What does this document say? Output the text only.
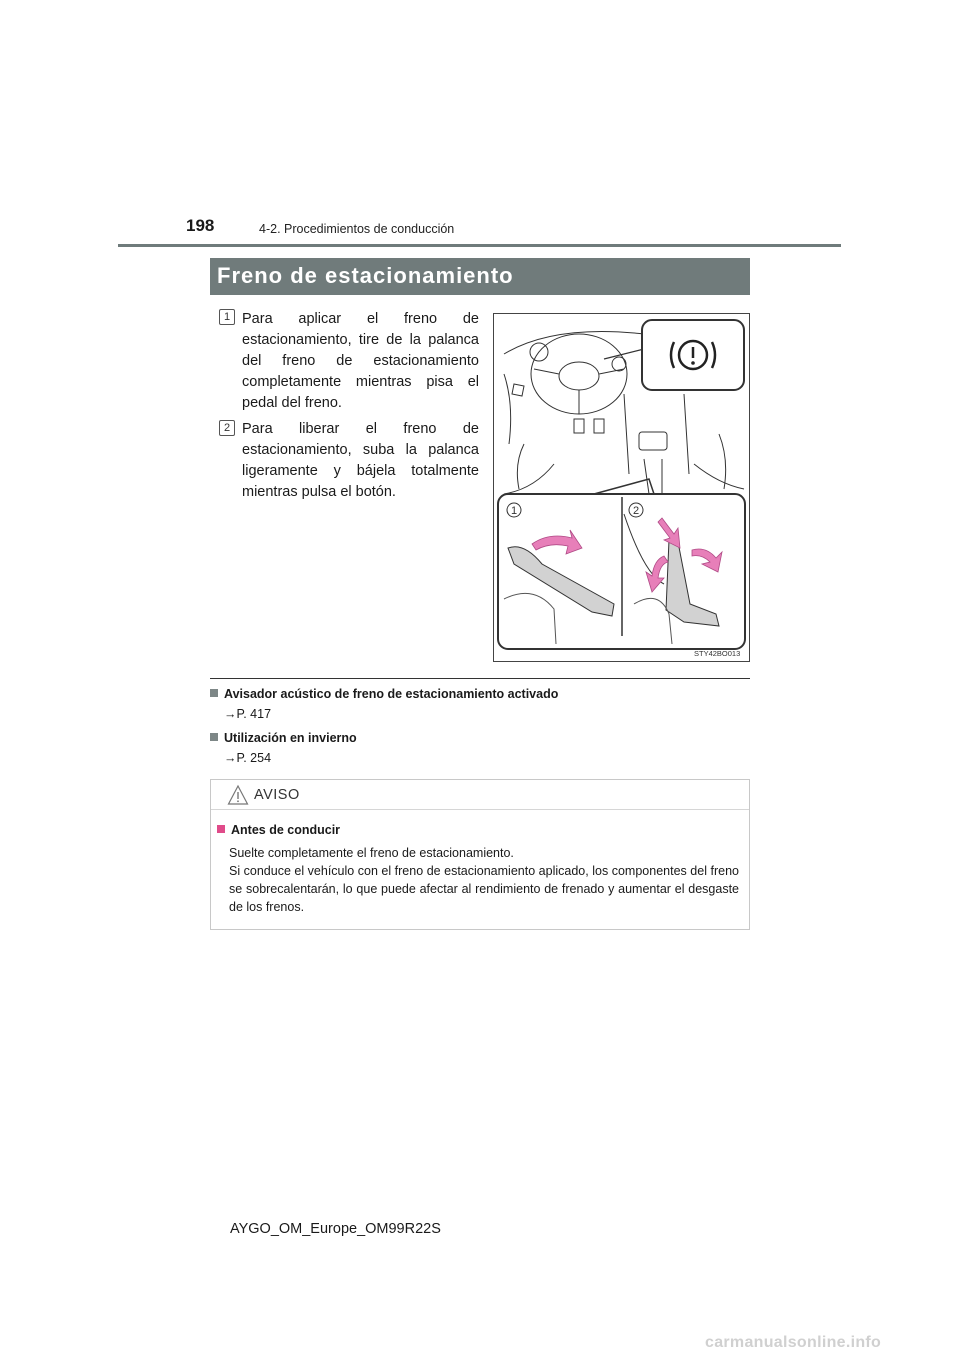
198	4-2. Procedimientos de conducción
Freno de estacionamiento
1 Para aplicar el freno de estacionamiento, tire de la palanca del freno de estacionamiento completamente mientras pisa el pedal del freno.
2 Para liberar el freno de estacionamiento, suba la palanca ligeramente y bájela totalmente mientras pulsa el botón.
1	2
STY42BO013
Avisador acústico de freno de estacionamiento activado
→P. 417
Utilización en invierno
→P. 254
AVISO
Antes de conducir

Suelte completamente el freno de estacionamiento.

Si conduce el vehículo con el freno de estacionamiento aplicado, los componentes del freno se sobrecalentarán, lo que puede afectar al rendimiento de frenado y aumentar el desgaste de los frenos.

AYGO_OM_Europe_OM99R22S
carmanualsonline.info
